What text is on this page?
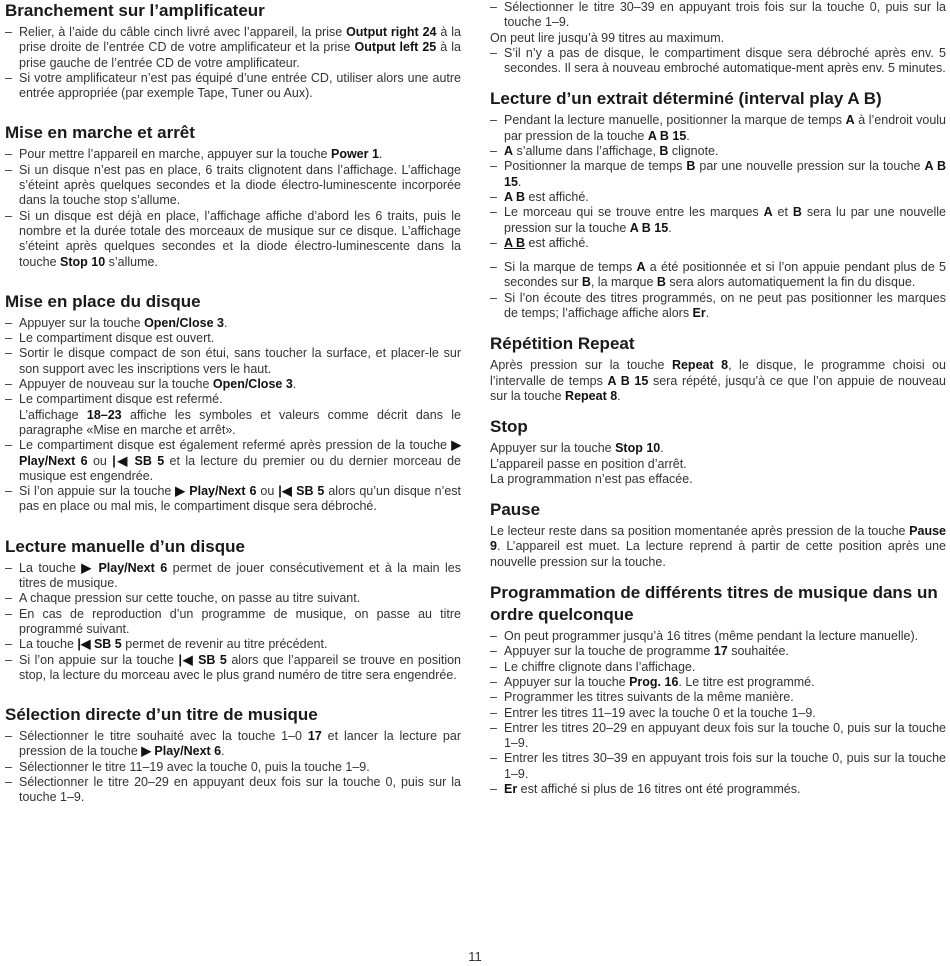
Branchement sur l’amplificateur
– Relier, à l’aide du câble cinch livré avec l’appareil, la prise Output right 24 à la prise droite de l’entrée CD de votre amplificateur et la prise Output left 25 à la prise gauche de l’entrée CD de votre amplificateur.
– Si votre amplificateur n’est pas équipé d’une entrée CD, utiliser alors une autre entrée appropriée (par exemple Tape, Tuner ou Aux).
Mise en marche et arrêt
– Pour mettre l’appareil en marche, appuyer sur la touche Power 1.
– Si un disque n’est pas en place, 6 traits clignotent dans l’affichage. L’affichage s’éteint après quelques secondes et la diode électro-luminescente incorporée dans la touche stop s’allume.
– Si un disque est déjà en place, l’affichage affiche d’abord les 6 traits, puis le nombre et la durée totale des morceaux de musique sur ce disque. L’affichage s’éteint après quelques secondes et la diode électro-luminescente dans la touche Stop 10 s’allume.
Mise en place du disque
– Appuyer sur la touche Open/Close 3.
– Le compartiment disque est ouvert.
– Sortir le disque compact de son étui, sans toucher la surface, et placer-le sur son support avec les inscriptions vers le haut.
– Appuyer de nouveau sur la touche Open/Close 3.
– Le compartiment disque est refermé.
L’affichage 18–23 affiche les symboles et valeurs comme décrit dans le paragraphe «Mise en marche et arrêt».
– Le compartiment disque est également refermé après pression de la touche ▶ Play/Next 6 ou |◀ SB 5 et la lecture du premier ou du dernier morceau de musique est engendrée.
– Si l’on appuie sur la touche ▶ Play/Next 6 ou |◀ SB 5 alors qu’un disque n’est pas en place ou mal mis, le compartiment disque sera débroché.
Lecture manuelle d’un disque
– La touche ▶ Play/Next 6 permet de jouer consécutivement et à la main les titres de musique.
– A chaque pression sur cette touche, on passe au titre suivant.
– En cas de reproduction d’un programme de musique, on passe au titre programmé suivant.
– La touche |◀ SB 5 permet de revenir au titre précédent.
– Si l’on appuie sur la touche |◀ SB 5 alors que l’appareil se trouve en position stop, la lecture du morceau avec le plus grand numéro de titre sera engendrée.
Sélection directe d’un titre de musique
– Sélectionner le titre souhaité avec la touche 1–0 17 et lancer la lecture par pression de la touche ▶ Play/Next 6.
– Sélectionner le titre 11–19 avec la touche 0, puis la touche 1–9.
– Sélectionner le titre 20–29 en appuyant deux fois sur la touche 0, puis sur la touche 1–9.
– Sélectionner le titre 30–39 en appuyant trois fois sur la touche 0, puis sur la touche 1–9.

On peut lire jusqu’à 99 titres au maximum.

– S’il n’y a pas de disque, le compartiment disque sera débroché après env. 5 secondes. Il sera à nouveau embroché automatique-ment après env. 5 minutes.
Lecture d’un extrait déterminé (interval play A B)
– Pendant la lecture manuelle, positionner la marque de temps A à l’endroit voulu par pression de la touche A B 15.
– A s’allume dans l’affichage, B clignote.
– Positionner la marque de temps B par une nouvelle pression sur la touche A B 15.
– A B est affiché.
– Le morceau qui se trouve entre les marques A et B sera lu par une nouvelle pression sur la touche A B 15.
– A B est affiché.
– Si la marque de temps A a été positionnée et si l’on appuie pendant plus de 5 secondes sur B, la marque B sera alors automatiquement la fin du disque.
– Si l’on écoute des titres programmés, on ne peut pas positionner les marques de temps; l’affichage affiche alors Er.
Répétition Repeat

Après pression sur la touche Repeat 8, le disque, le programme choisi ou l’intervalle de temps A B 15 sera répété, jusqu’à ce que l’on appuie de nouveau sur la touche Repeat 8.

Stop
Appuyer sur la touche Stop 10.
L’appareil passe en position d’arrêt.
La programmation n’est pas effacée.
Pause

Le lecteur reste dans sa position momentanée après pression de la touche Pause 9. L’appareil est muet. La lecture reprend à partir de cette position après une nouvelle pression sur la touche.

Programmation de différents titres de musique dans un ordre quelconque
– On peut programmer jusqu’à 16 titres (même pendant la lecture manuelle).
– Appuyer sur la touche de programme 17 souhaitée.
– Le chiffre clignote dans l’affichage.
– Appuyer sur la touche Prog. 16. Le titre est programmé.
– Programmer les titres suivants de la même manière.
– Entrer les titres 11–19 avec la touche 0 et la touche 1–9.
– Entrer les titres 20–29 en appuyant deux fois sur la touche 0, puis sur la touche 1–9.
– Entrer les titres 30–39 en appuyant trois fois sur la touche 0, puis sur la touche 1–9.
– Er est affiché si plus de 16 titres ont été programmés.
11
